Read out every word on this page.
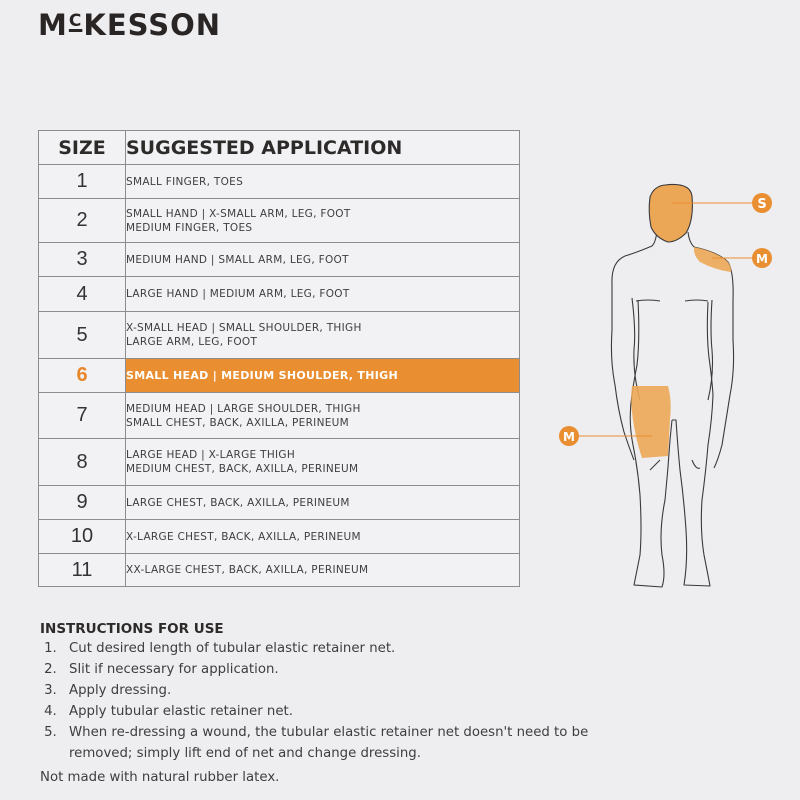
$M^CKESSON$
SIZE	SUGGESTED APPLICATION
1	SMALL FINGER, TOES

2	SMALL HAND | X-SMALL ARM, LEG, FOOT
MEDIUM FINGER, TOES

3	MEDIUM HAND | SMALL ARM, LEG, FOOT

4	LARGE HAND | MEDIUM ARM, LEG, FOOT

5	X-SMALL HEAD | SMALL SHOULDER, THIGH
LARGE ARM, LEG, FOOT

6	SMALL HEAD | MEDIUM SHOULDER, THIGH

7	MEDIUM HEAD | LARGE SHOULDER, THIGH
SMALL CHEST, BACK, AXILLA, PERINEUM

8	LARGE HEAD | X-LARGE THIGH
MEDIUM CHEST, BACK, AXILLA, PERINEUM

9	LARGE CHEST, BACK, AXILLA, PERINEUM

10	X-LARGE CHEST, BACK, AXILLA, PERINEUM

11	XX-LARGE CHEST, BACK, AXILLA, PERINEUM
S
M
M
INSTRUCTIONS FOR USE
1. Cut desired length of tubular elastic retainer net.
2. Slit if necessary for application.
3. Apply dressing.
4. Apply tubular elastic retainer net.
5. When re-dressing a wound, the tubular elastic retainer net doesn't need to be removed; simply lift end of net and change dressing.
Not made with natural rubber latex.
